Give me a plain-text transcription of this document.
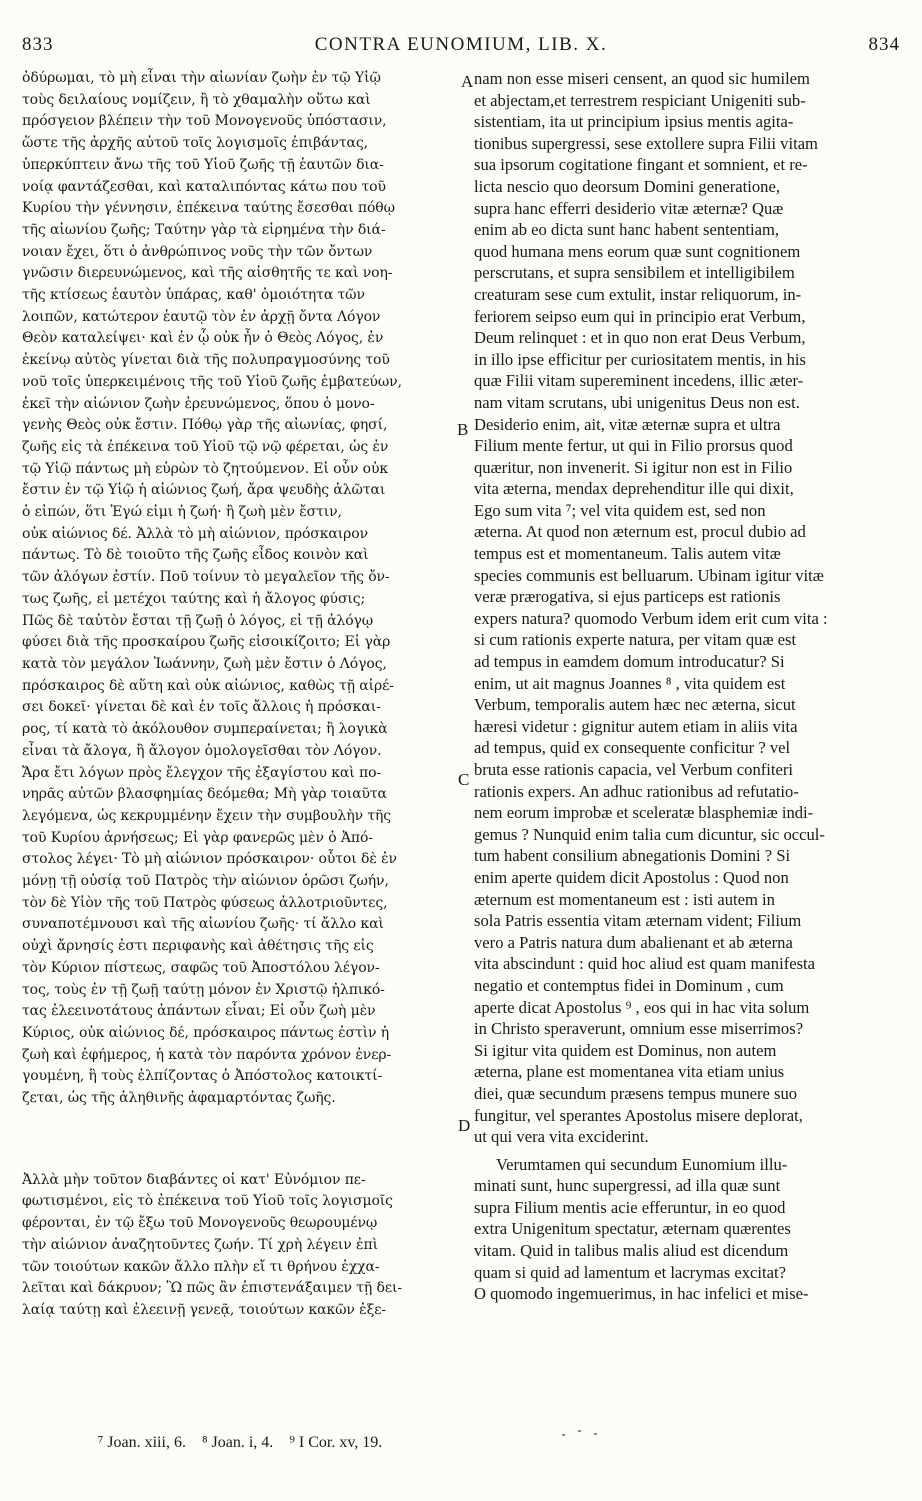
833	CONTRA EUNOMIUM, LIB. X.	834

ὀδύρωμαι, τὸ μὴ εἶναι τὴν αἰωνίαν ζωὴν ἐν τῷ Υἱῷ
τοὺς δειλαίους νομίζειν, ἢ τὸ χθαμαλὴν οὕτω καὶ
πρόσγειον βλέπειν τὴν τοῦ Μονογενοῦς ὑπόστασιν,
ὥστε τῆς ἀρχῆς αὐτοῦ τοῖς λογισμοῖς ἐπιβάντας,
ὑπερκύπτειν ἄνω τῆς τοῦ Υἱοῦ ζωῆς τῇ ἑαυτῶν δια-
νοίᾳ φαντάζεσθαι, καὶ καταλιπόντας κάτω που τοῦ
Κυρίου τὴν γέννησιν, ἐπέκεινα ταύτης ἔσεσθαι πόθῳ
τῆς αἰωνίου ζωῆς; Ταύτην γὰρ τὰ εἰρημένα τὴν διά-
νοιαν ἔχει, ὅτι ὁ ἀνθρώπινος νοῦς τὴν τῶν ὄντων
γνῶσιν διερευνώμενος, καὶ τῆς αἰσθητῆς τε καὶ νοη-
τῆς κτίσεως ἑαυτὸν ὑπάρας, καθ' ὁμοιότητα τῶν
λοιπῶν, κατώτερον ἑαυτῷ τὸν ἐν ἀρχῇ ὄντα Λόγον
Θεὸν καταλείψει· καὶ ἐν ᾧ οὐκ ἦν ὁ Θεὸς Λόγος, ἐν
ἐκείνῳ αὐτὸς γίνεται διὰ τῆς πολυπραγμοσύνης τοῦ
νοῦ τοῖς ὑπερκειμένοις τῆς τοῦ Υἱοῦ ζωῆς ἐμβατεύων,
ἐκεῖ τὴν αἰώνιον ζωὴν ἐρευνώμενος, ὅπου ὁ μονο-
γενὴς Θεὸς οὐκ ἔστιν. Πόθῳ γὰρ τῆς αἰωνίας, φησί,
ζωῆς εἰς τὰ ἐπέκεινα τοῦ Υἱοῦ τῷ νῷ φέρεται, ὡς ἐν
τῷ Υἱῷ πάντως μὴ εὑρὼν τὸ ζητούμενον. Εἰ οὖν οὐκ
ἔστιν ἐν τῷ Υἱῷ ἡ αἰώνιος ζωή, ἄρα ψευδὴς ἁλῶται
ὁ εἰπών, ὅτι Ἐγώ εἰμι ἡ ζωή· ἢ ζωὴ μὲν ἔστιν,
οὐκ αἰώνιος δέ. Ἀλλὰ τὸ μὴ αἰώνιον, πρόσκαιρον
πάντως. Τὸ δὲ τοιοῦτο τῆς ζωῆς εἶδος κοινὸν καὶ
τῶν ἀλόγων ἐστίν. Ποῦ τοίνυν τὸ μεγαλεῖον τῆς ὄν-
τως ζωῆς, εἰ μετέχοι ταύτης καὶ ἡ ἄλογος φύσις;
Πῶς δὲ ταὐτὸν ἔσται τῇ ζωῇ ὁ λόγος, εἰ τῇ ἀλόγῳ
φύσει διὰ τῆς προσκαίρου ζωῆς εἰσοικίζοιτο; Εἰ γὰρ
κατὰ τὸν μεγάλον Ἰωάννην, ζωὴ μὲν ἔστιν ὁ Λόγος,
πρόσκαιρος δὲ αὕτη καὶ οὐκ αἰώνιος, καθὼς τῇ αἱρέ-
σει δοκεῖ· γίνεται δὲ καὶ ἐν τοῖς ἄλλοις ἡ πρόσκαι-
ρος, τί κατὰ τὸ ἀκόλουθον συμπεραίνεται; ἢ λογικὰ
εἶναι τὰ ἄλογα, ἢ ἄλογον ὁμολογεῖσθαι τὸν Λόγον.
Ἄρα ἔτι λόγων πρὸς ἔλεγχον τῆς ἐξαγίστου καὶ πο-
νηρᾶς αὐτῶν βλασφημίας δεόμεθα; Μὴ γὰρ τοιαῦτα
λεγόμενα, ὡς κεκρυμμένην ἔχειν τὴν συμβουλὴν τῆς
τοῦ Κυρίου ἀρνήσεως; Εἰ γὰρ φανερῶς μὲν ὁ Ἀπό-
στολος λέγει· Τὸ μὴ αἰώνιον πρόσκαιρον· οὗτοι δὲ ἐν
μόνῃ τῇ οὐσίᾳ τοῦ Πατρὸς τὴν αἰώνιον ὁρῶσι ζωήν,
τὸν δὲ Υἱὸν τῆς τοῦ Πατρὸς φύσεως ἀλλοτριοῦντες,
συναποτέμνουσι καὶ τῆς αἰωνίου ζωῆς· τί ἄλλο καὶ
οὐχὶ ἄρνησίς ἐστι περιφανὴς καὶ ἀθέτησις τῆς εἰς
τὸν Κύριον πίστεως, σαφῶς τοῦ Ἀποστόλου λέγον-
τος, τοὺς ἐν τῇ ζωῇ ταύτῃ μόνον ἐν Χριστῷ ἠλπικό-
τας ἐλεεινοτάτους ἁπάντων εἶναι; Εἰ οὖν ζωὴ μὲν
Κύριος, οὐκ αἰώνιος δέ, πρόσκαιρος πάντως ἐστὶν ἡ
ζωὴ καὶ ἐφήμερος, ἡ κατὰ τὸν παρόντα χρόνον ἐνερ-
γουμένη, ἣ τοὺς ἐλπίζοντας ὁ Ἀπόστολος κατοικτί-
ζεται, ὡς τῆς ἀληθινῆς ἀφαμαρτόντας ζωῆς.

Ἀλλὰ μὴν τοῦτον διαβάντες οἱ κατ' Εὐνόμιον πε-
φωτισμένοι, εἰς τὸ ἐπέκεινα τοῦ Υἱοῦ τοῖς λογισμοῖς
φέρονται, ἐν τῷ ἔξω τοῦ Μονογενοῦς θεωρουμένῳ
τὴν αἰώνιον ἀναζητοῦντες ζωήν. Τί χρὴ λέγειν ἐπὶ
τῶν τοιούτων κακῶν ἄλλο πλὴν εἴ τι θρήνου ἐχχα-
λεῖται καὶ δάκρυον; Ὢ πῶς ἂν ἐπιστενάξαιμεν τῇ δει-
λαίᾳ ταύτῃ καὶ ἐλεεινῇ γενεᾷ, τοιούτων κακῶν ἐξε-

A
B
C
D

nam non esse miseri censent, an quod sic humilem
et abjectam,et terrestrem respiciant Unigeniti sub-
sistentiam, ita ut principium ipsius mentis agita-
tionibus supergressi, sese extollere supra Filii vitam
sua ipsorum cogitatione fingant et somnient, et re-
licta nescio quo deorsum Domini generatione,
supra hanc efferri desiderio vitæ æternæ? Quæ
enim ab eo dicta sunt hanc habent sententiam,
quod humana mens eorum quæ sunt cognitionem
perscrutans, et supra sensibilem et intelligibilem
creaturam sese cum extulit, instar reliquorum, in-
feriorem seipso eum qui in principio erat Verbum,
Deum relinquet : et in quo non erat Deus Verbum,
in illo ipse efficitur per curiositatem mentis, in his
quæ Filii vitam supereminent incedens, illic æter-
nam vitam scrutans, ubi unigenitus Deus non est.
Desiderio enim, ait, vitæ æternæ supra et ultra
Filium mente fertur, ut qui in Filio prorsus quod
quæritur, non invenerit. Si igitur non est in Filio
vita æterna, mendax deprehenditur ille qui dixit,
Ego sum vita ⁷; vel vita quidem est, sed non
æterna. At quod non æternum est, procul dubio ad
tempus est et momentaneum. Talis autem vitæ
species communis est belluarum. Ubinam igitur vitæ
veræ prærogativa, si ejus particeps est rationis
expers natura? quomodo Verbum idem erit cum vita :
si cum rationis experte natura, per vitam quæ est
ad tempus in eamdem domum introducatur? Si
enim, ut ait magnus Joannes ⁸ , vita quidem est
Verbum, temporalis autem hæc nec æterna, sicut
hæresi videtur : gignitur autem etiam in aliis vita
ad tempus, quid ex consequente conficitur ? vel
bruta esse rationis capacia, vel Verbum confiteri
rationis expers. An adhuc rationibus ad refutatio-
nem eorum improbæ et sceleratæ blasphemiæ indi-
gemus ? Nunquid enim talia cum dicuntur, sic occul-
tum habent consilium abnegationis Domini ? Si
enim aperte quidem dicit Apostolus : Quod non
æternum est momentaneum est : isti autem in
sola Patris essentia vitam æternam vident; Filium
vero a Patris natura dum abalienant et ab æterna
vita abscindunt : quid hoc aliud est quam manifesta
negatio et contemptus fidei in Dominum , cum
aperte dicat Apostolus ⁹ , eos qui in hac vita solum
in Christo speraverunt, omnium esse miserrimos?
Si igitur vita quidem est Dominus, non autem
æterna, plane est momentanea vita etiam unius
diei, quæ secundum præsens tempus munere suo
fungitur, vel sperantes Apostolus misere deplorat,
ut qui vera vita exciderint.

Verumtamen qui secundum Eunomium illu-
minati sunt, hunc supergressi, ad illa quæ sunt
supra Filium mentis acie efferuntur, in eo quod
extra Unigenitum spectatur, æternam quærentes
vitam. Quid in talibus malis aliud est dicendum
quam si quid ad lamentum et lacrymas excitat?
O quomodo ingemuerimus, in hac infelici et mise-

⁷ Joan. xiii, 6. ⁸ Joan. i, 4. ⁹ I Cor. xv, 19.
